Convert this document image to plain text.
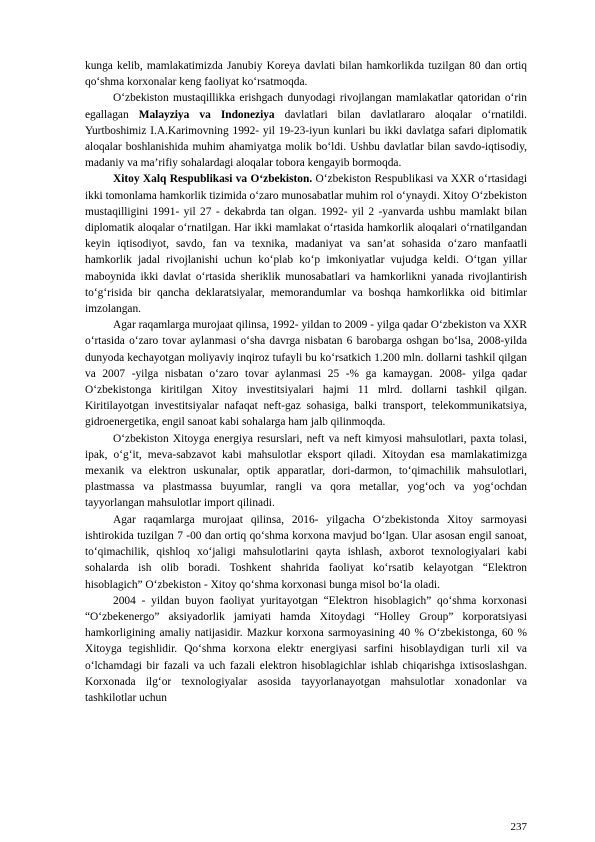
kunga kelib, mamlakatimizda Janubiy Koreya davlati bilan hamkorlikda tuzilgan 80 dan ortiq qo‘shma korxonalar keng faoliyat ko‘rsatmoqda.

O‘zbekiston mustaqillikka erishgach dunyodagi rivojlangan mamlakatlar qatoridan o‘rin egallagan Malayziya va Indoneziya davlatlari bilan davlatlararo aloqalar o‘rnatildi. Yurtboshimiz I.A.Karimovning 1992- yil 19-23-iyun kunlari bu ikki davlatga safari diplomatik aloqalar boshlanishida muhim ahamiyatga molik bo‘ldi. Ushbu davlatlar bilan savdo-iqtisodiy, madaniy va ma’rifiy sohalardagi aloqalar tobora kengayib bormoqda.

Xitoy Xalq Respublikasi va O‘zbekiston. O‘zbekiston Respublikasi va XXR o‘rtasidagi ikki tomonlama hamkorlik tizimida o‘zaro munosabatlar muhim rol o‘ynaydi. Xitoy O‘zbekiston mustaqilligini 1991- yil 27 - dekabrda tan olgan. 1992- yil 2 -yanvarda ushbu mamlakt bilan diplomatik aloqalar o‘rnatilgan. Har ikki mamlakat o‘rtasida hamkorlik aloqalari o‘rnatilgandan keyin iqtisodiyot, savdo, fan va texnika, madaniyat va san’at sohasida o‘zaro manfaatli hamkorlik jadal rivojlanishi uchun ko‘plab ko‘p imkoniyatlar vujudga keldi. O‘tgan yillar maboynida ikki davlat o‘rtasida sheriklik munosabatlari va hamkorlikni yanada rivojlantirish to‘g‘risida bir qancha deklaratsiyalar, memorandumlar va boshqa hamkorlikka oid bitimlar imzolangan.

Agar raqamlarga murojaat qilinsa, 1992- yildan to 2009 - yilga qadar O‘zbekiston va XXR o‘rtasida o‘zaro tovar aylanmasi o‘sha davrga nisbatan 6 barobarga oshgan bo‘lsa, 2008-yilda dunyoda kechayotgan moliyaviy inqiroz tufayli bu ko‘rsatkich 1.200 mln. dollarni tashkil qilgan va 2007 -yilga nisbatan o‘zaro tovar aylanmasi 25 -% ga kamaygan. 2008- yilga qadar O‘zbekistonga kiritilgan Xitoy investitsiyalari hajmi 11 mlrd. dollarni tashkil qilgan. Kiritilayotgan investitsiyalar nafaqat neft-gaz sohasiga, balki transport, telekommunikatsiya, gidroenergetika, engil sanoat kabi sohalarga ham jalb qilinmoqda.

O‘zbekiston Xitoyga energiya resurslari, neft va neft kimyosi mahsulotlari, paxta tolasi, ipak, o‘g‘it, meva-sabzavot kabi mahsulotlar eksport qiladi. Xitoydan esa mamlakatimizga mexanik va elektron uskunalar, optik apparatlar, dori-darmon, to‘qimachilik mahsulotlari, plastmassa va plastmassa buyumlar, rangli va qora metallar, yog‘och va yog‘ochdan tayyorlangan mahsulotlar import qilinadi.

Agar raqamlarga murojaat qilinsa, 2016- yilgacha O‘zbekistonda Xitoy sarmoyasi ishtirokida tuzilgan 7 -00 dan ortiq qo‘shma korxona mavjud bo‘lgan. Ular asosan engil sanoat, to‘qimachilik, qishloq xo‘jaligi mahsulotlarini qayta ishlash, axborot texnologiyalari kabi sohalarda ish olib boradi. Toshkent shahrida faoliyat ko‘rsatib kelayotgan “Elektron hisoblagich” O‘zbekiston - Xitoy qo‘shma korxonasi bunga misol bo‘la oladi.

2004 - yildan buyon faoliyat yuritayotgan “Elektron hisoblagich” qo‘shma korxonasi “O‘zbekenergo” aksiyadorlik jamiyati hamda Xitoydagi “Holley Group” korporatsiyasi hamkorligining amaliy natijasidir. Mazkur korxona sarmoyasining 40 % O‘zbekistonga, 60 % Xitoyga tegishlidir. Qo‘shma korxona elektr energiyasi sarfini hisoblaydigan turli xil va o‘lchamdagi bir fazali va uch fazali elektron hisoblagichlar ishlab chiqarishga ixtisoslashgan. Korxonada ilg‘or texnologiyalar asosida tayyorlanayotgan mahsulotlar xonadonlar va tashkilotlar uchun

237
